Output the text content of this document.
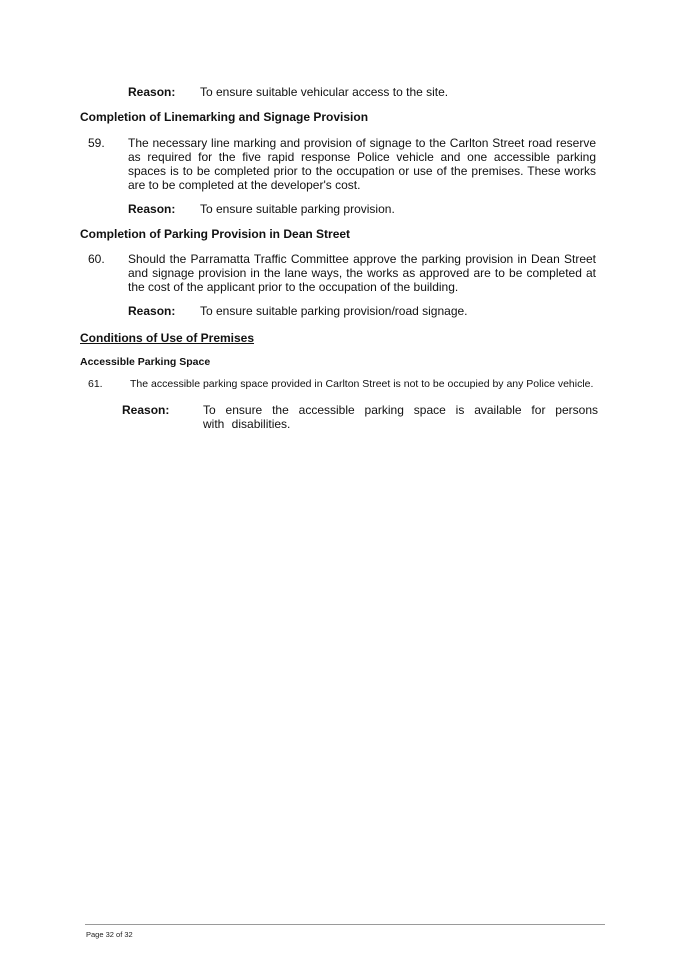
Reason:	To ensure suitable vehicular access to the site.
Completion of Linemarking and Signage Provision
59.	The necessary line marking and provision of signage to the Carlton Street road reserve as required for the five rapid response Police vehicle and one accessible parking spaces is to be completed prior to the occupation or use of the premises. These works are to be completed at the developer's cost.
Reason:	To ensure suitable parking provision.
Completion of Parking Provision in Dean Street
60.	Should the Parramatta Traffic Committee approve the parking provision in Dean Street and signage provision in the lane ways, the works as approved are to be completed at the cost of the applicant prior to the occupation of the building.
Reason:	To ensure suitable parking provision/road signage.
Conditions of Use of Premises
Accessible Parking Space
61.	The accessible parking space provided in Carlton Street is not to be occupied by any Police vehicle.
Reason:	To ensure the accessible parking space is available for persons with disabilities.
Page 32 of 32
